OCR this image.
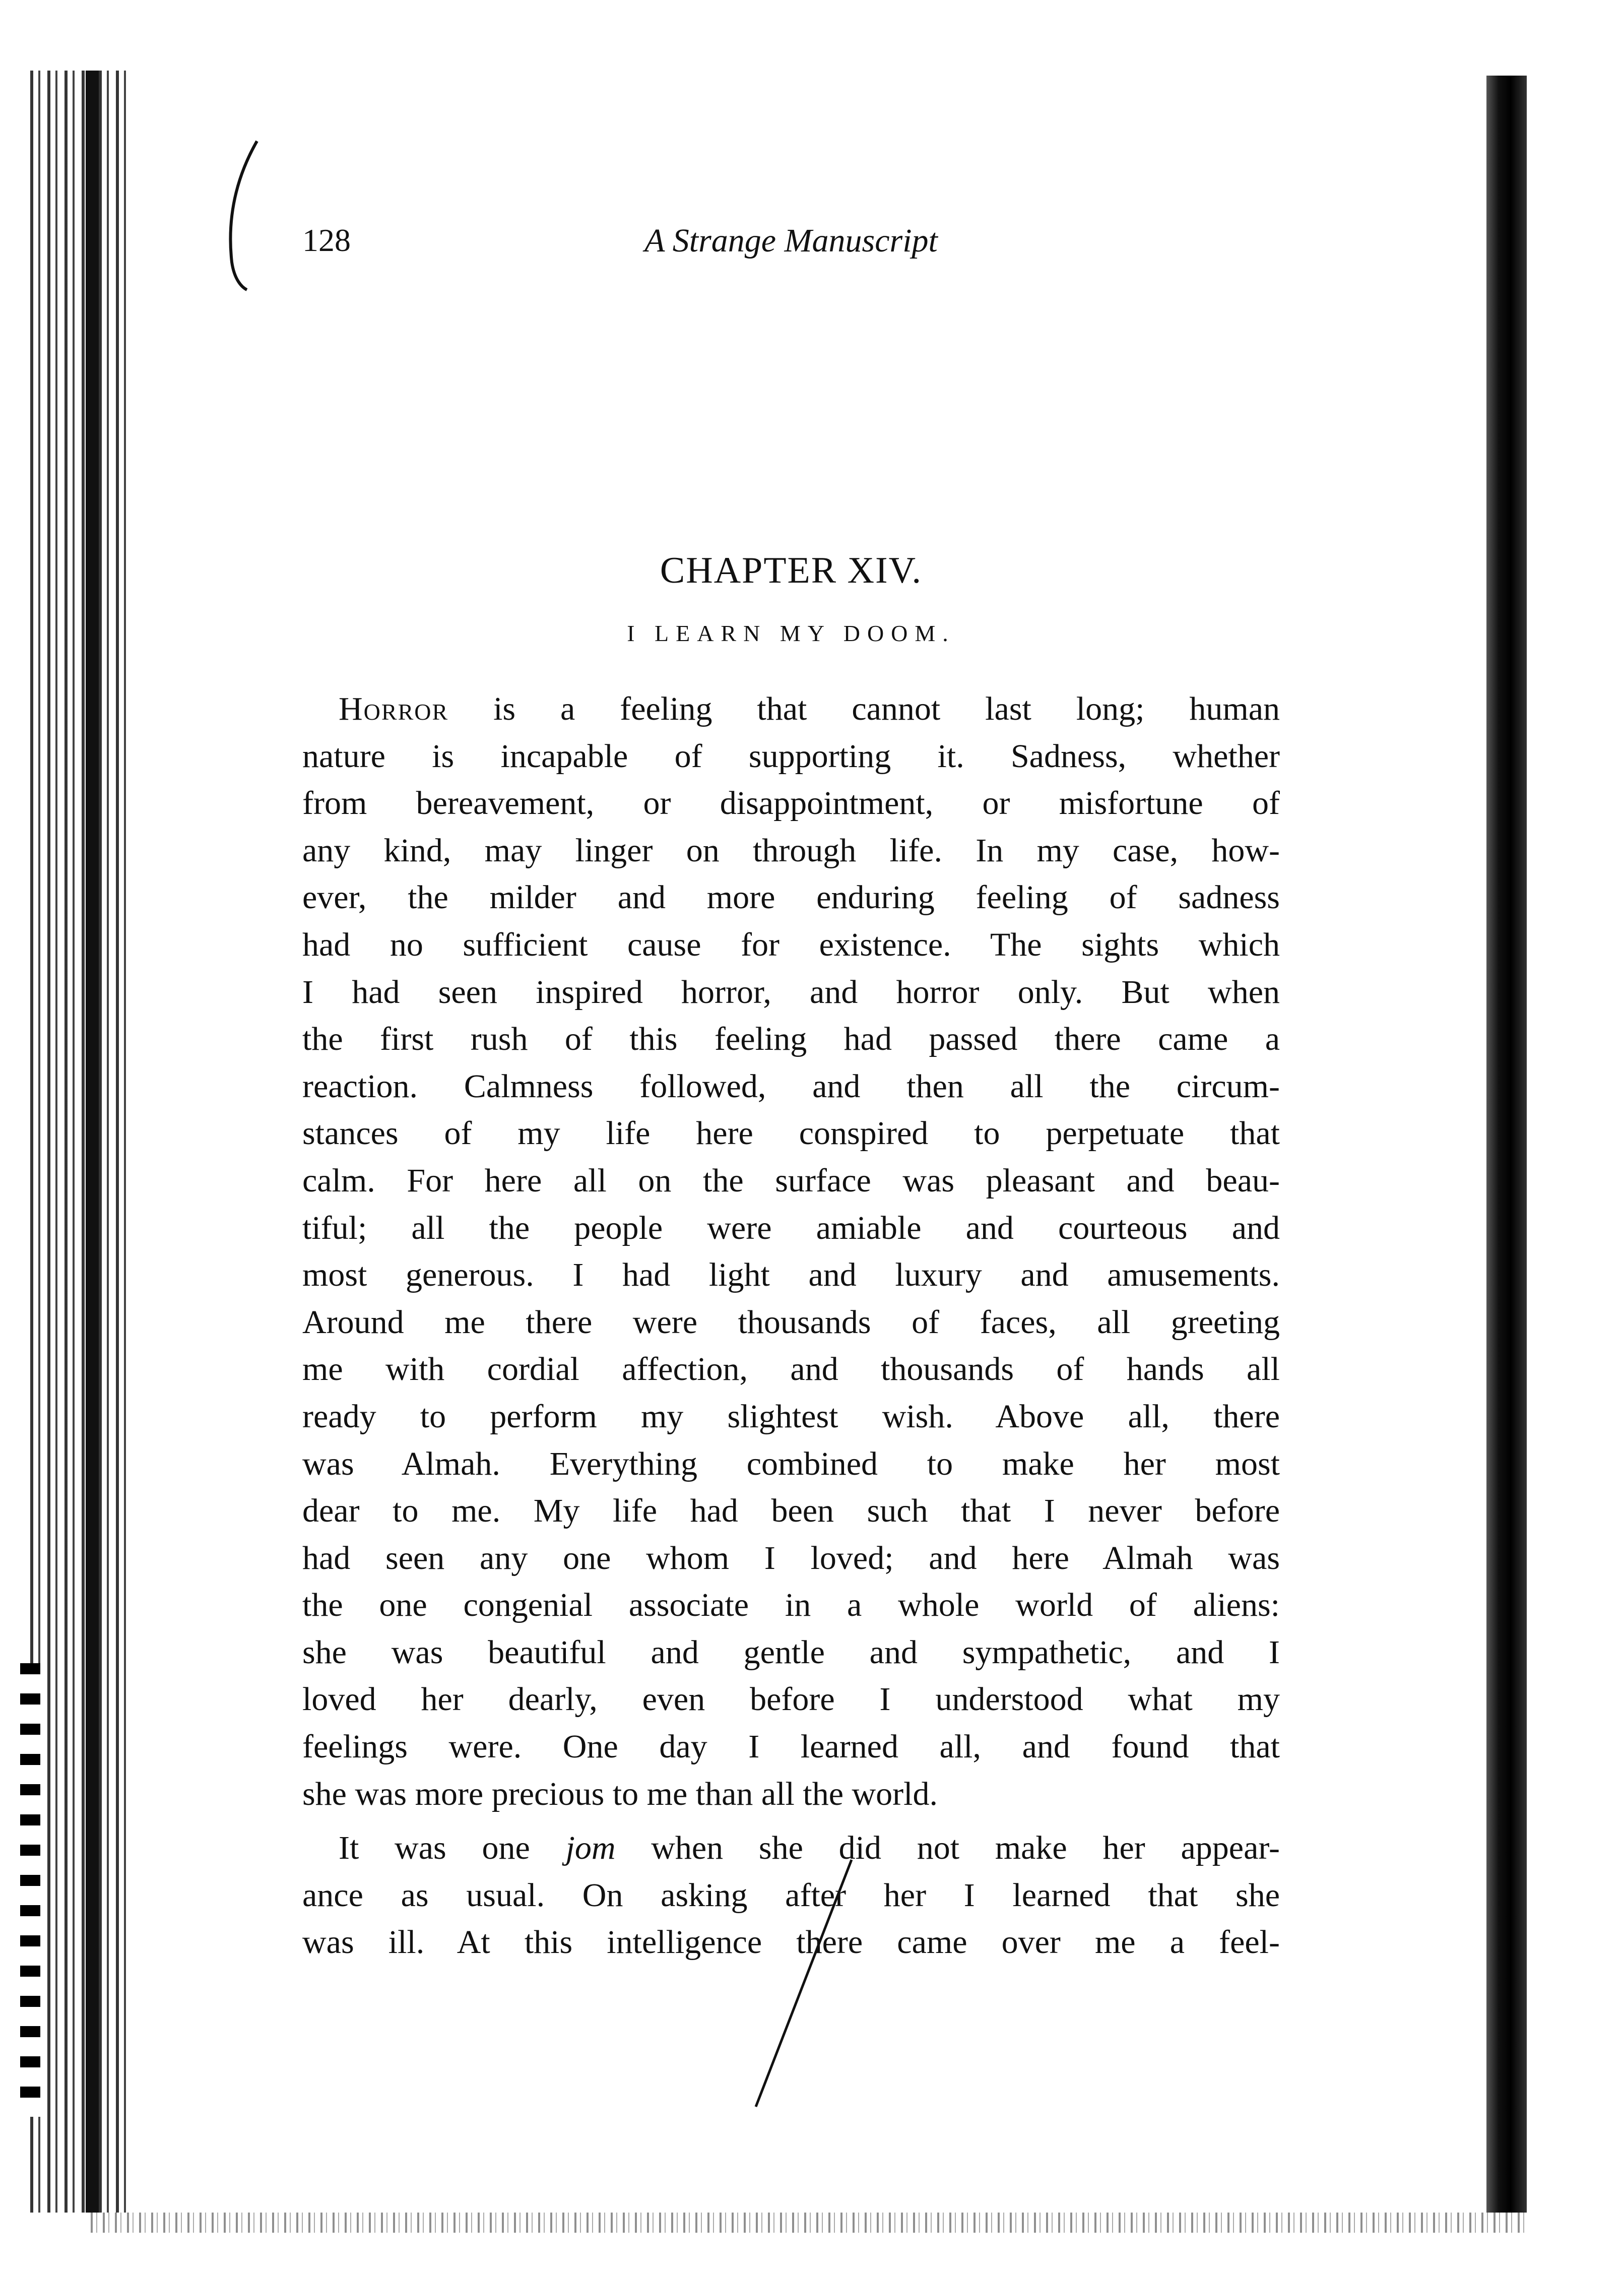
128	A Strange Manuscript
CHAPTER XIV.
I LEARN MY DOOM.
Horror is a feeling that cannot last long; human
nature is incapable of supporting it. Sadness, whether
from bereavement, or disappointment, or misfortune of
any kind, may linger on through life. In my case, how-
ever, the milder and more enduring feeling of sadness
had no sufficient cause for existence. The sights which
I had seen inspired horror, and horror only. But when
the first rush of this feeling had passed there came a
reaction. Calmness followed, and then all the circum-
stances of my life here conspired to perpetuate that
calm. For here all on the surface was pleasant and beau-
tiful; all the people were amiable and courteous and
most generous. I had light and luxury and amusements.
Around me there were thousands of faces, all greeting
me with cordial affection, and thousands of hands all
ready to perform my slightest wish. Above all, there
was Almah. Everything combined to make her most
dear to me. My life had been such that I never before
had seen any one whom I loved; and here Almah was
the one congenial associate in a whole world of aliens:
she was beautiful and gentle and sympathetic, and I
loved her dearly, even before I understood what my
feelings were. One day I learned all, and found that
she was more precious to me than all the world.
It was one jom when she did not make her appear-
ance as usual. On asking after her I learned that she
was ill. At this intelligence there came over me a feel-
